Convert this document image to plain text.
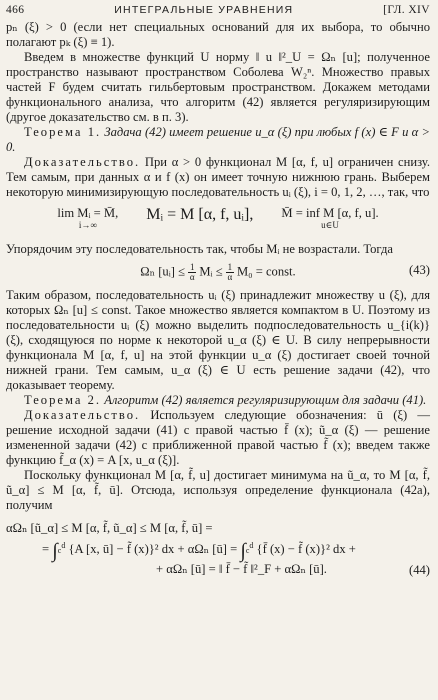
466	ИНТЕГРАЛЬНЫЕ УРАВНЕНИЯ	[ГЛ. XIV

pₙ (ξ) > 0 (если нет специальных оснований для их выбора, то обычно полагают pₖ (ξ) ≡ 1).

Введем в множестве функций U норму ‖ u ‖²_U = Ωₙ [u]; полученное пространство называют пространством Соболева W₂ⁿ. Множество правых частей F будем считать гильбертовым пространством. Докажем методами функционального анализа, что алгоритм (42) является регуляризирующим (другое доказательство см. в п. 3).

Теорема 1. Задача (42) имеет решение u_α (ξ) при любых f (x) ∈ F и α > 0.

Доказательство. При α > 0 функционал M [α, f, u] ограничен снизу. Тем самым, при данных α и f (x) он имеет точную нижнюю грань. Выберем некоторую минимизирующую последовательность uᵢ (ξ), i = 0, 1, 2, …, так, что

lim Mᵢ = M̄,
i→∞
Mᵢ = M [α, f, uᵢ], M̄ = inf M [α, f, u].
u∈U

Упорядочим эту последовательность так, чтобы Mᵢ не возрастали. Тогда

Ωₙ [uᵢ] ≤ $\frac{1}{\alpha}$ Mᵢ ≤ $\frac{1}{\alpha} M_0$ = const.	(43)

Таким образом, последовательность uᵢ (ξ) принадлежит множеству u (ξ), для которых Ωₙ [u] ≤ const. Такое множество является компактом в U. Поэтому из последовательности uᵢ (ξ) можно выделить подпоследовательность u_{i(k)} (ξ), сходящуюся по норме к некоторой u_α (ξ) ∈ U. В силу непрерывности функционала M [α, f, u] на этой функции u_α (ξ) достигает своей точной нижней грани. Тем самым, u_α (ξ) ∈ U есть решение задачи (42), что доказывает теорему.

Теорема 2. Алгоритм (42) является регуляризирующим для задачи (41).

Доказательство. Используем следующие обозначения: ū (ξ) — решение исходной задачи (41) с правой частью f̄ (x); ũ_α (ξ) — решение измененной задачи (42) с приближенной правой частью f̃ (x); введем также функцию f̃_α (x) = A [x, u_α (ξ)].

Поскольку функционал M [α, f̃, u] достигает минимума на ũ_α, то M [α, f̃, ũ_α] ≤ M [α, f̃, ū]. Отсюда, используя определение функционала (42а), получим

αΩₙ [ũ_α] ≤ M [α, f̃, ũ_α] ≤ M [α, f̃, ū] =
= $\int c^d$ {A [x, ū] − f̃ (x)}² dx + αΩₙ [ū] = $\int c^d$ {f̄ (x) − f̃ (x)}² dx +
+ αΩₙ [ū] = ‖ f̄ − f̃ ‖²_F + αΩₙ [ū].	(44)
